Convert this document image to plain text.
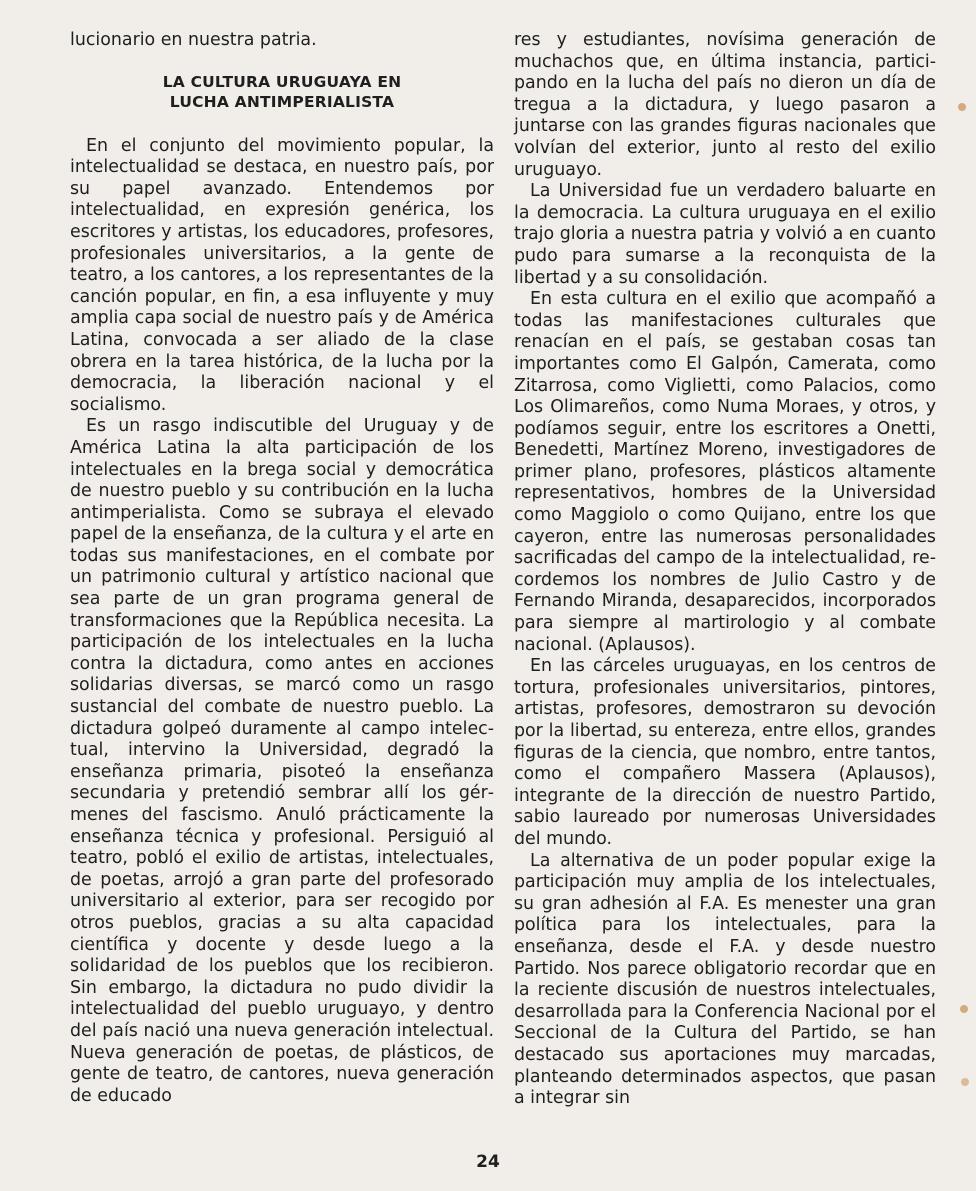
lucionario en nuestra patria.

LA CULTURA URUGUAYA EN
LUCHA ANTIMPERIALISTA

En el conjunto del movimiento popular, la intelectualidad se destaca, en nuestro país, por su papel avanzado. Entendemos por intelectualidad, en expresión genérica, los escritores y artistas, los educadores, profesores, profesionales universitarios, a la gente de teatro, a los cantores, a los representantes de la canción popular, en fin, a esa influyente y muy amplia capa social de nuestro país y de América Latina, convocada a ser aliado de la clase obrera en la tarea histórica, de la lucha por la democracia, la liberación nacional y el socialismo.

Es un rasgo indiscutible del Uruguay y de América Latina la alta participación de los intelectuales en la brega social y democrática de nuestro pueblo y su contribución en la lucha antimperialista. Como se subraya el elevado papel de la enseñanza, de la cultura y el arte en todas sus manifestaciones, en el combate por un patrimonio cultural y artístico nacional que sea parte de un gran programa general de transformaciones que la República necesita. La participación de los intelectuales en la lucha contra la dictadura, como antes en acciones solidarias diversas, se marcó como un rasgo sustancial del combate de nuestro pueblo. La dictadura golpeó duramente al campo intelectual, intervino la Universidad, degradó la enseñanza primaria, pisoteó la enseñanza secundaria y pretendió sembrar allí los gérmenes del fascismo. Anuló prácticamente la enseñanza técnica y profesional. Persiguió al teatro, pobló el exilio de artistas, intelectuales, de poetas, arrojó a gran parte del profesorado universitario al exterior, para ser recogido por otros pueblos, gracias a su alta capacidad científica y docente y desde luego a la solidaridad de los pueblos que los recibieron. Sin embargo, la dictadura no pudo dividir la intelectualidad del pueblo uruguayo, y dentro del país nació una nueva generación intelectual. Nueva generación de poetas, de plásticos, de gente de teatro, de cantores, nueva generación de educado

res y estudiantes, novísima generación de muchachos que, en última instancia, participando en la lucha del país no dieron un día de tregua a la dictadura, y luego pasaron a juntarse con las grandes figuras nacionales que volvían del exterior, junto al resto del exilio uruguayo.

La Universidad fue un verdadero baluarte en la democracia. La cultura uruguaya en el exilio trajo gloria a nuestra patria y volvió a en cuanto pudo para sumarse a la reconquista de la libertad y a su consolidación.

En esta cultura en el exilio que acompañó a todas las manifestaciones culturales que renacían en el país, se gestaban cosas tan importantes como El Galpón, Camerata, como Zitarrosa, como Viglietti, como Palacios, como Los Olimareños, como Numa Moraes, y otros, y podíamos seguir, entre los escritores a Onetti, Benedetti, Martínez Moreno, investigadores de primer plano, profesores, plásticos altamente representativos, hombres de la Universidad como Maggiolo o como Quijano, entre los que cayeron, entre las numerosas personalidades sacrificadas del campo de la intelectualidad, recordemos los nombres de Julio Castro y de Fernando Miranda, desaparecidos, incorporados para siempre al martirologio y al combate nacional. (Aplausos).

En las cárceles uruguayas, en los centros de tortura, profesionales universitarios, pintores, artistas, profesores, demostraron su devoción por la libertad, su entereza, entre ellos, grandes figuras de la ciencia, que nombro, entre tantos, como el compañero Massera (Aplausos), integrante de la dirección de nuestro Partido, sabio laureado por numerosas Universidades del mundo.

La alternativa de un poder popular exige la participación muy amplia de los intelectuales, su gran adhesión al F.A. Es menester una gran política para los intelectuales, para la enseñanza, desde el F.A. y desde nuestro Partido. Nos parece obligatorio recordar que en la reciente discusión de nuestros intelectuales, desarrollada para la Conferencia Nacional por el Seccional de la Cultura del Partido, se han destacado sus aportaciones muy marcadas, planteando determinados aspectos, que pasan a integrar sin

24
